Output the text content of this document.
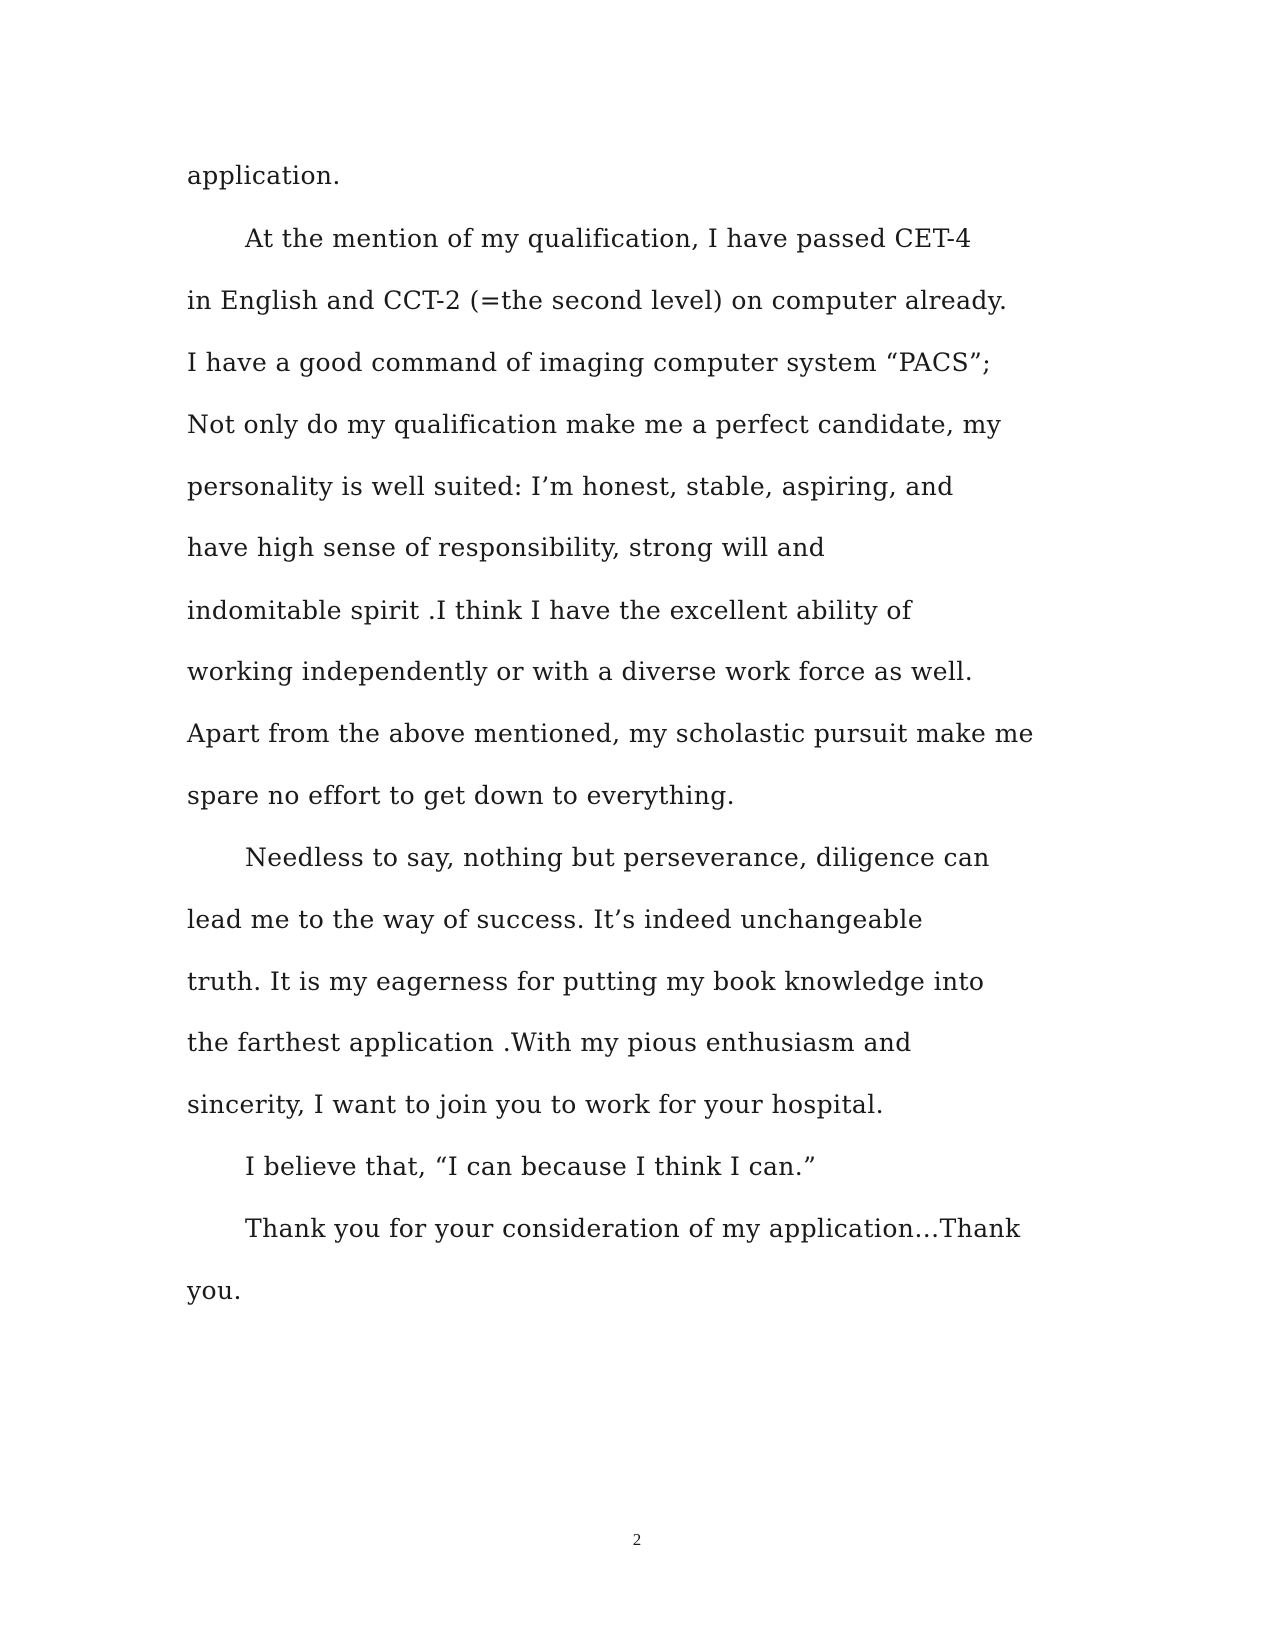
application.
At the mention of my qualification, I have passed CET-4
in English and CCT-2 (=the second level) on computer already.
I have a good command of imaging computer system “PACS”;
Not only do my qualification make me a perfect candidate, my
personality is well suited: I’m honest, stable, aspiring, and
have high sense of responsibility, strong will and
indomitable spirit .I think I have the excellent ability of
working independently or with a diverse work force as well.
Apart from the above mentioned, my scholastic pursuit make me
spare no effort to get down to everything.
Needless to say, nothing but perseverance, diligence can
lead me to the way of success. It’s indeed unchangeable
truth. It is my eagerness for putting my book knowledge into
the farthest application .With my pious enthusiasm and
sincerity, I want to join you to work for your hospital.
I believe that, “I can because I think I can.”
Thank you for your consideration of my application…Thank
you.
2
